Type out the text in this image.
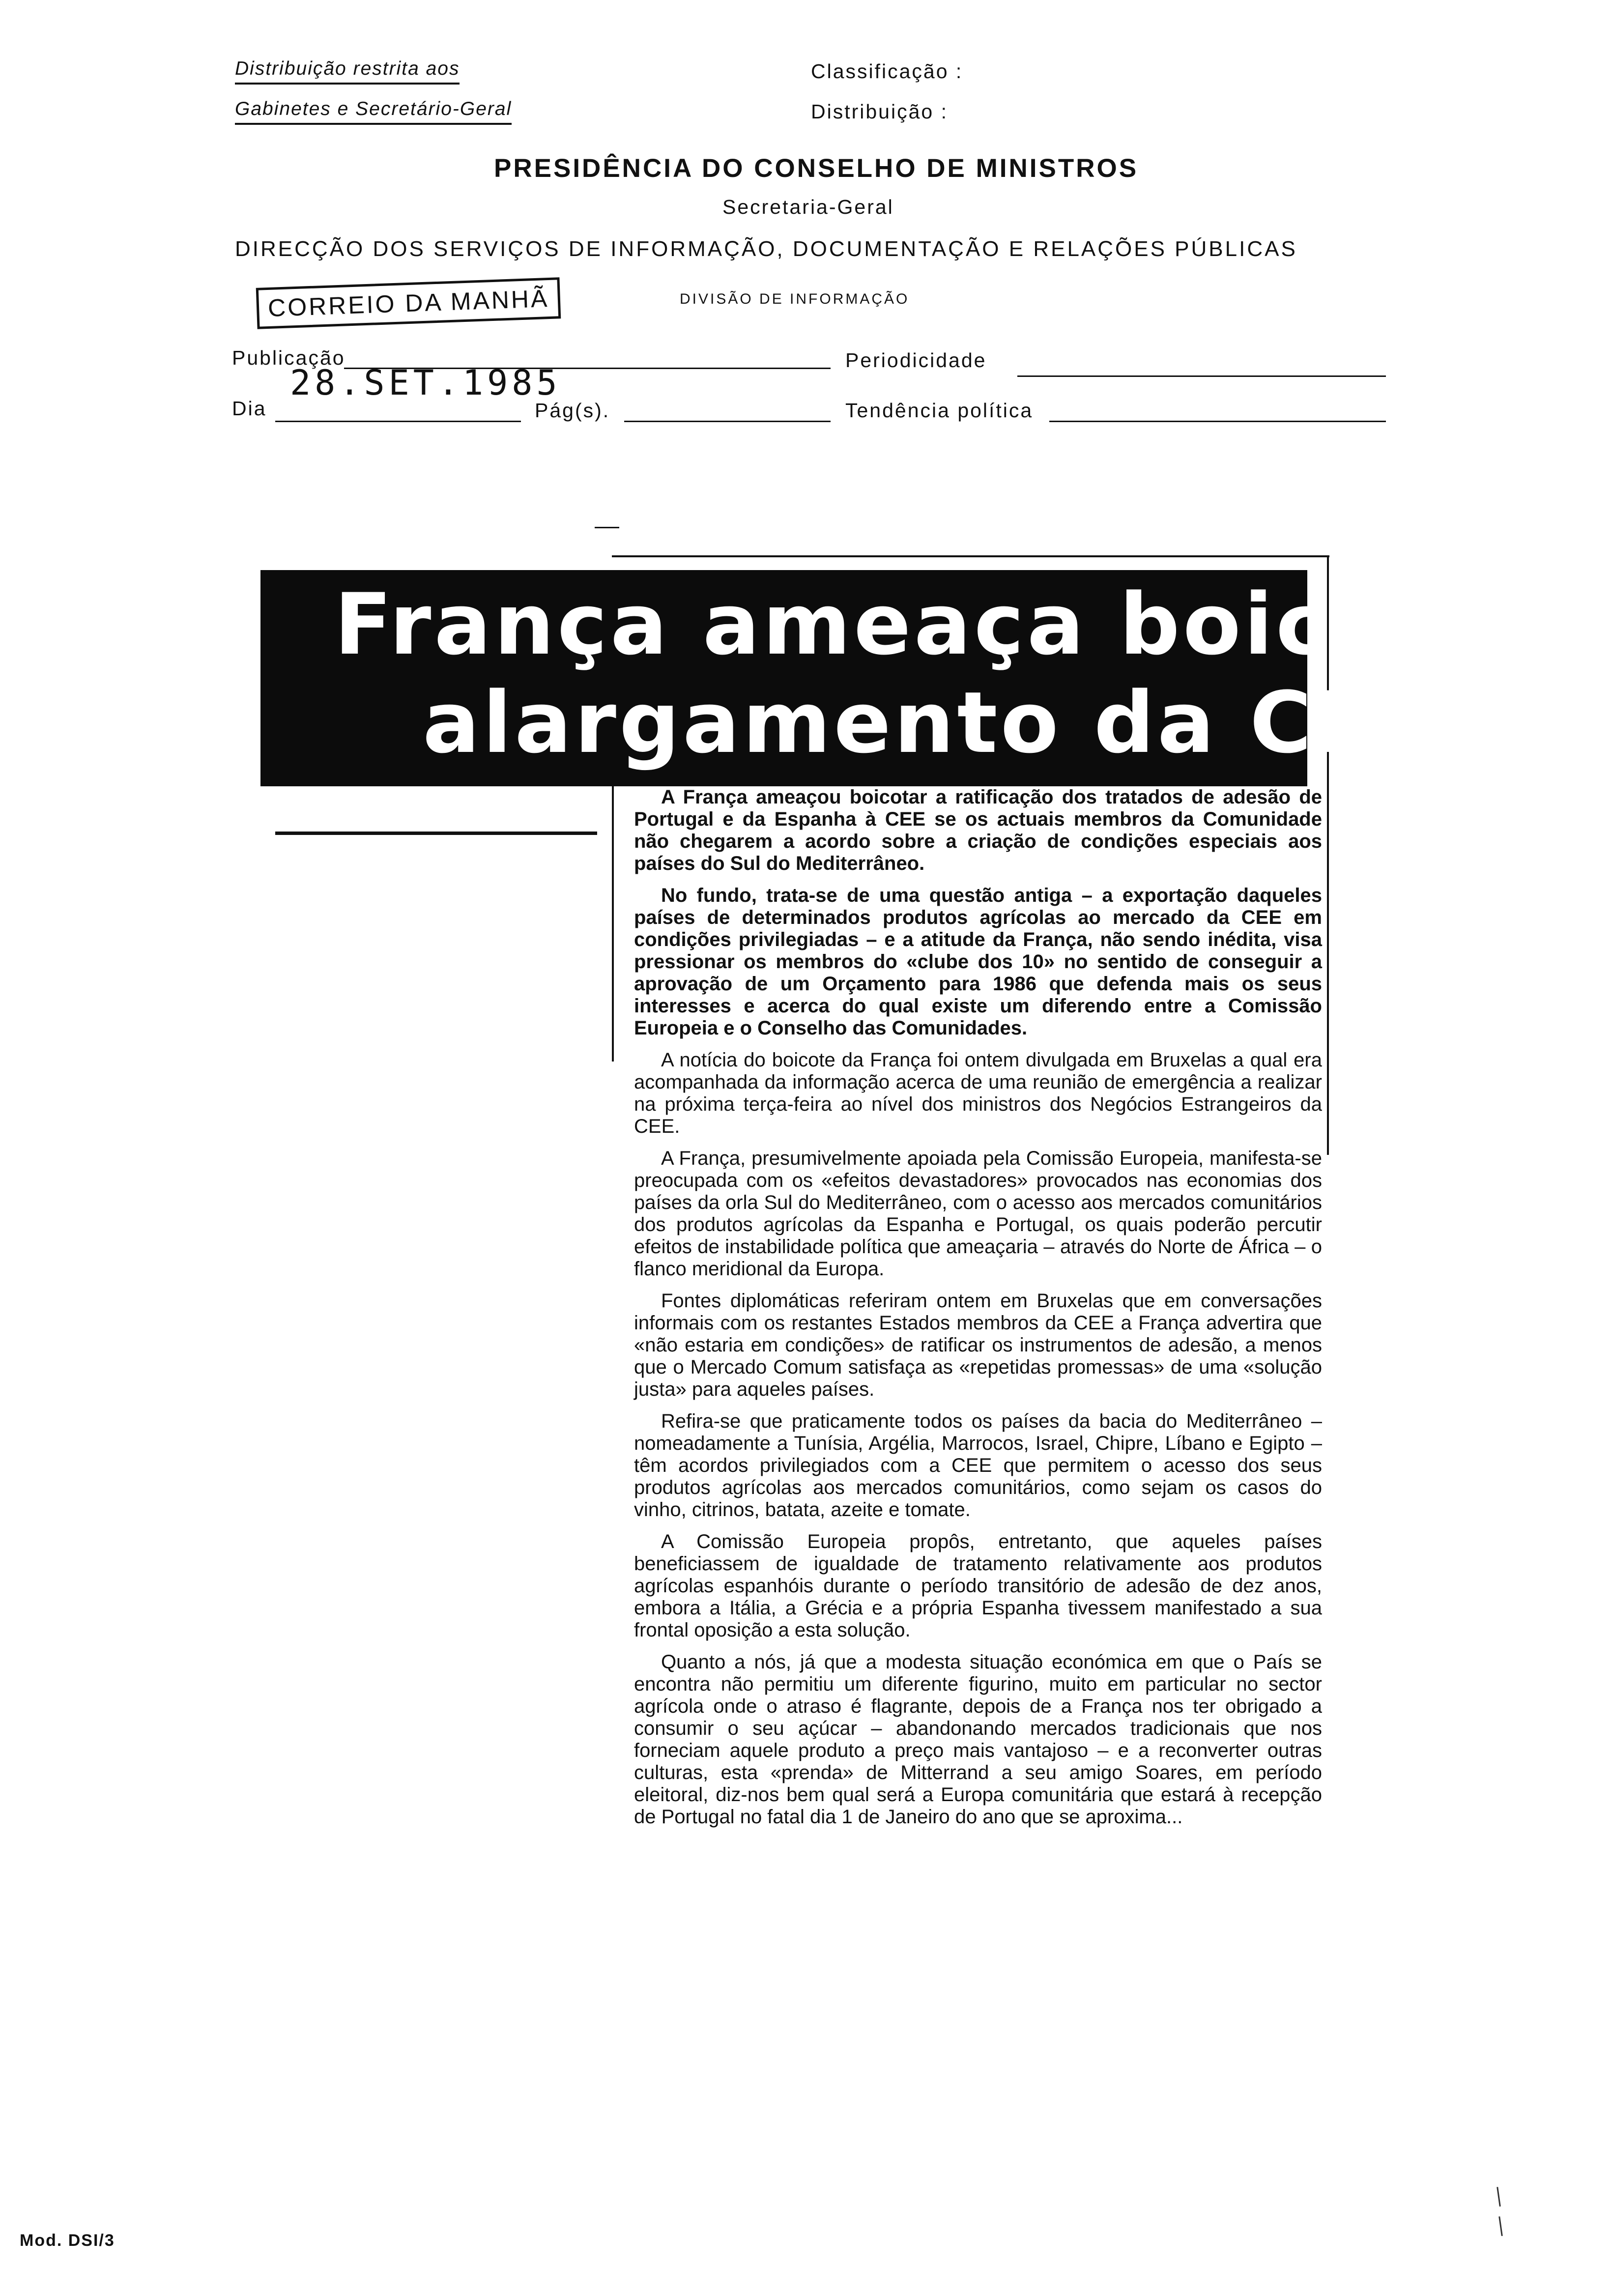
Distribuição restrita aos
Gabinetes e Secretário-Geral
Classificação :
Distribuição :
PRESIDÊNCIA DO CONSELHO DE MINISTROS
Secretaria-Geral
DIRECÇÃO DOS SERVIÇOS DE INFORMAÇÃO, DOCUMENTAÇÃO E RELAÇÕES PÚBLICAS
DIVISÃO DE INFORMAÇÃO
CORREIO DA MANHÃ
Publicação
28.SET.1985
Periodicidade
Dia	Pág(s).	Tendência política
França ameaça boicotar
alargamento da CEE

A França ameaçou boicotar a ratificação dos tratados de adesão de Portugal e da Espanha à CEE se os actuais membros da Comunidade não chegarem a acordo sobre a criação de condições especiais aos países do Sul do Mediterrâneo.

No fundo, trata-se de uma questão antiga – a exportação daqueles países de determinados produtos agrícolas ao mercado da CEE em condições privilegiadas – e a atitude da França, não sendo inédita, visa pressionar os membros do «clube dos 10» no sentido de conseguir a aprovação de um Orçamento para 1986 que defenda mais os seus interesses e acerca do qual existe um diferendo entre a Comissão Europeia e o Conselho das Comunidades.

A notícia do boicote da França foi ontem divulgada em Bruxelas a qual era acompanhada da informação acerca de uma reunião de emergência a realizar na próxima terça-feira ao nível dos ministros dos Negócios Estrangeiros da CEE.

A França, presumivelmente apoiada pela Comissão Europeia, manifesta-se preocupada com os «efeitos devastadores» provocados nas economias dos países da orla Sul do Mediterrâneo, com o acesso aos mercados comunitários dos produtos agrícolas da Espanha e Portugal, os quais poderão percutir efeitos de instabilidade política que ameaçaria – através do Norte de África – o flanco meridional da Europa.

Fontes diplomáticas referiram ontem em Bruxelas que em conversações informais com os restantes Estados membros da CEE a França advertira que «não estaria em condições» de ratificar os instrumentos de adesão, a menos que o Mercado Comum satisfaça as «repetidas promessas» de uma «solução justa» para aqueles países.

Refira-se que praticamente todos os países da bacia do Mediterrâneo – nomeadamente a Tunísia, Argélia, Marrocos, Israel, Chipre, Líbano e Egipto – têm acordos privilegiados com a CEE que permitem o acesso dos seus produtos agrícolas aos mercados comunitários, como sejam os casos do vinho, citrinos, batata, azeite e tomate.

A Comissão Europeia propôs, entretanto, que aqueles países beneficiassem de igualdade de tratamento relativamente aos produtos agrícolas espanhóis durante o período transitório de adesão de dez anos, embora a Itália, a Grécia e a própria Espanha tivessem manifestado a sua frontal oposição a esta solução.

Quanto a nós, já que a modesta situação económica em que o País se encontra não permitiu um diferente figurino, muito em particular no sector agrícola onde o atraso é flagrante, depois de a França nos ter obrigado a consumir o seu açúcar – abandonando mercados tradicionais que nos forneciam aquele produto a preço mais vantajoso – e a reconverter outras culturas, esta «prenda» de Mitterrand a seu amigo Soares, em período eleitoral, diz-nos bem qual será a Europa comunitária que estará à recepção de Portugal no fatal dia 1 de Janeiro do ano que se aproxima...

Mod. DSI/3
